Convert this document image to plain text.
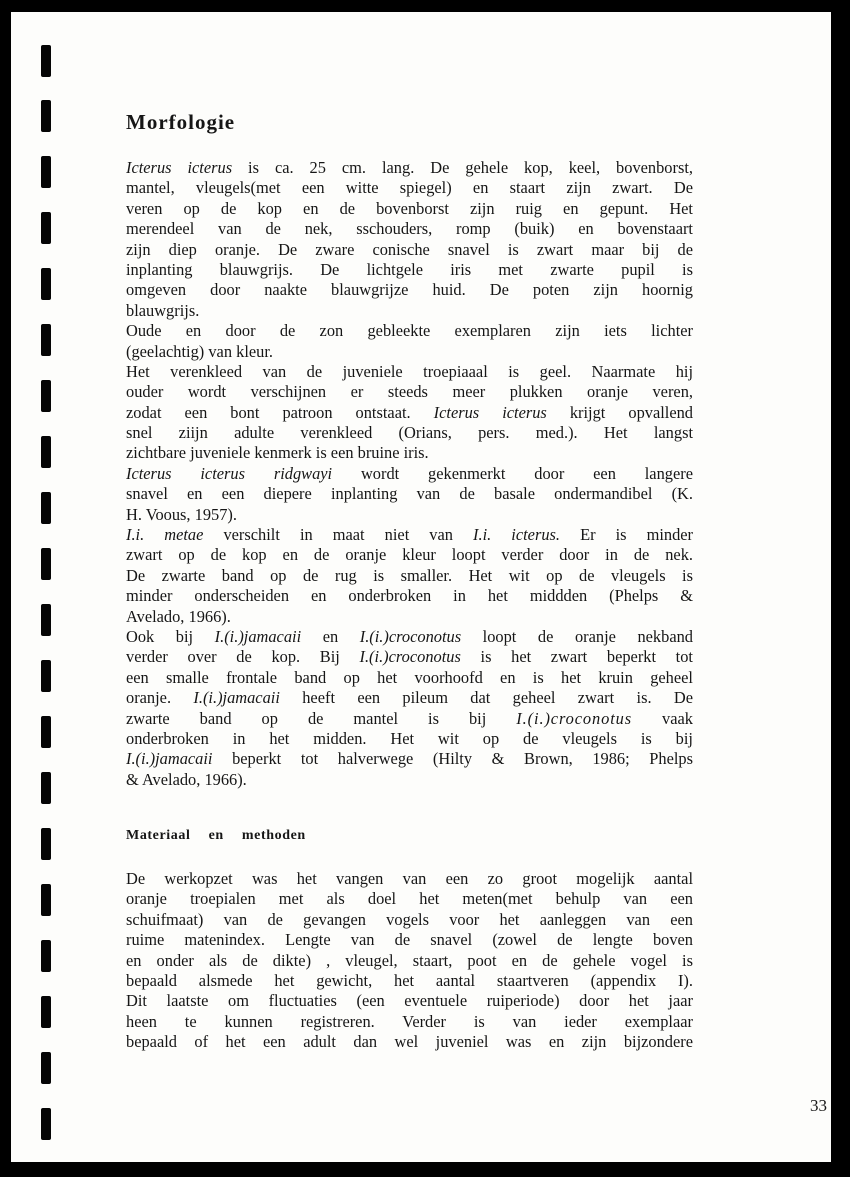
Morfologie
Icterus icterus is ca. 25 cm. lang. De gehele kop, keel, bovenborst,
mantel, vleugels(met een witte spiegel) en staart zijn zwart. De
veren op de kop en de bovenborst zijn ruig en gepunt. Het
merendeel van de nek, sschouders, romp (buik) en bovenstaart
zijn diep oranje. De zware conische snavel is zwart maar bij de
inplanting blauwgrijs. De lichtgele iris met zwarte pupil is
omgeven door naakte blauwgrijze huid. De poten zijn hoornig
blauwgrijs.
Oude en door de zon gebleekte exemplaren zijn iets lichter
(geelachtig) van kleur.
Het verenkleed van de juveniele troepiaaal is geel. Naarmate hij
ouder wordt verschijnen er steeds meer plukken oranje veren,
zodat een bont patroon ontstaat. Icterus icterus krijgt opvallend
snel ziijn adulte verenkleed (Orians, pers. med.). Het langst
zichtbare juveniele kenmerk is een bruine iris.
Icterus icterus ridgwayi wordt gekenmerkt door een langere
snavel en een diepere inplanting van de basale ondermandibel (K.
H. Voous, 1957).
I.i. metae verschilt in maat niet van I.i. icterus. Er is minder
zwart op de kop en de oranje kleur loopt verder door in de nek.
De zwarte band op de rug is smaller. Het wit op de vleugels is
minder onderscheiden en onderbroken in het middden (Phelps &
Avelado, 1966).
Ook bij I.(i.)jamacaii en I.(i.)croconotus loopt de oranje nekband
verder over de kop. Bij I.(i.)croconotus is het zwart beperkt tot
een smalle frontale band op het voorhoofd en is het kruin geheel
oranje. I.(i.)jamacaii heeft een pileum dat geheel zwart is. De
zwarte band op de mantel is bij I.(i.)croconotus vaak
onderbroken in het midden. Het wit op de vleugels is bij
I.(i.)jamacaii beperkt tot halverwege (Hilty & Brown, 1986; Phelps
& Avelado, 1966).
Materiaal en methoden
De werkopzet was het vangen van een zo groot mogelijk aantal
oranje troepialen met als doel het meten(met behulp van een
schuifmaat) van de gevangen vogels voor het aanleggen van een
ruime matenindex. Lengte van de snavel (zowel de lengte boven
en onder als de dikte) , vleugel, staart, poot en de gehele vogel is
bepaald alsmede het gewicht, het aantal staartveren (appendix I).
Dit laatste om fluctuaties (een eventuele ruiperiode) door het jaar
heen te kunnen registreren. Verder is van ieder exemplaar
bepaald of het een adult dan wel juveniel was en zijn bijzondere

33
